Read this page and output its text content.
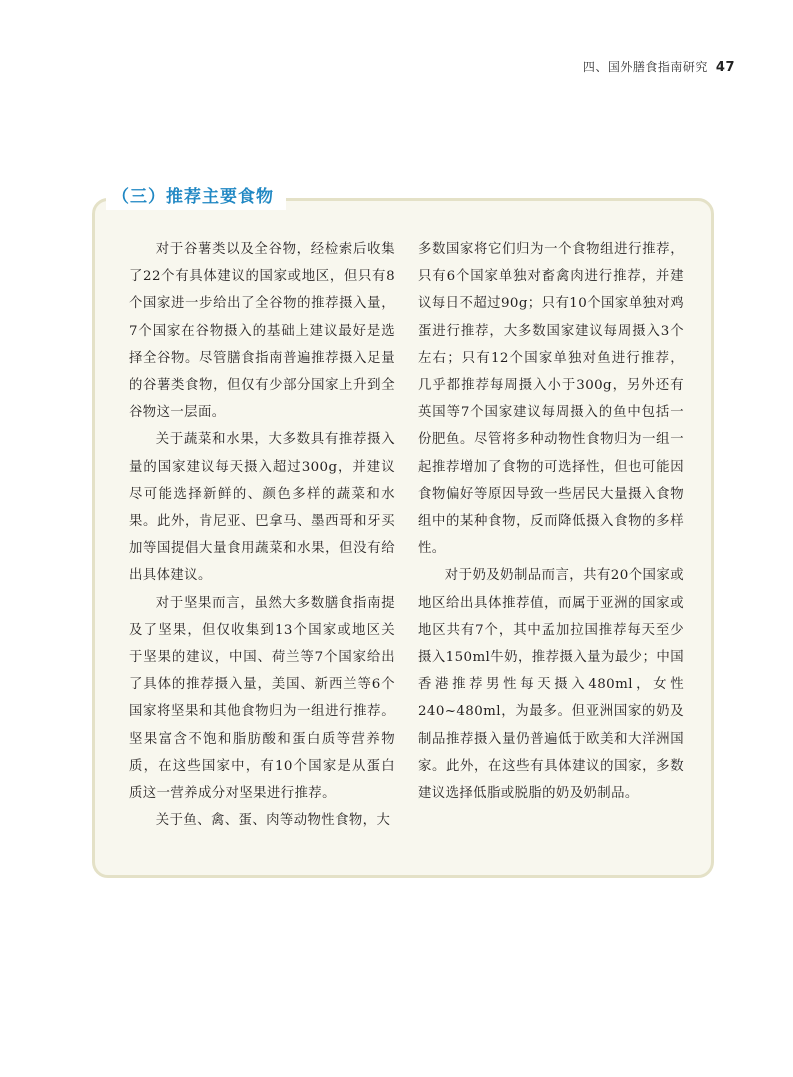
四、国外膳食指南研究 47
（三）推荐主要食物

对于谷薯类以及全谷物，经检索后收集了22个有具体建议的国家或地区，但只有8个国家进一步给出了全谷物的推荐摄入量，7个国家在谷物摄入的基础上建议最好是选择全谷物。尽管膳食指南普遍推荐摄入足量的谷薯类食物，但仅有少部分国家上升到全谷物这一层面。

关于蔬菜和水果，大多数具有推荐摄入量的国家建议每天摄入超过300g，并建议尽可能选择新鲜的、颜色多样的蔬菜和水果。此外，肯尼亚、巴拿马、墨西哥和牙买加等国提倡大量食用蔬菜和水果，但没有给出具体建议。

对于坚果而言，虽然大多数膳食指南提及了坚果，但仅收集到13个国家或地区关于坚果的建议，中国、荷兰等7个国家给出了具体的推荐摄入量，美国、新西兰等6个国家将坚果和其他食物归为一组进行推荐。坚果富含不饱和脂肪酸和蛋白质等营养物质，在这些国家中，有10个国家是从蛋白质这一营养成分对坚果进行推荐。

关于鱼、禽、蛋、肉等动物性食物，大

多数国家将它们归为一个食物组进行推荐，只有6个国家单独对畜禽肉进行推荐，并建议每日不超过90g；只有10个国家单独对鸡蛋进行推荐，大多数国家建议每周摄入3个左右；只有12个国家单独对鱼进行推荐，几乎都推荐每周摄入小于300g，另外还有英国等7个国家建议每周摄入的鱼中包括一份肥鱼。尽管将多种动物性食物归为一组一起推荐增加了食物的可选择性，但也可能因食物偏好等原因导致一些居民大量摄入食物组中的某种食物，反而降低摄入食物的多样性。

对于奶及奶制品而言，共有20个国家或地区给出具体推荐值，而属于亚洲的国家或地区共有7个，其中孟加拉国推荐每天至少摄入150ml牛奶，推荐摄入量为最少；中国香港推荐男性每天摄入480ml，女性240~480ml，为最多。但亚洲国家的奶及制品推荐摄入量仍普遍低于欧美和大洋洲国家。此外，在这些有具体建议的国家，多数建议选择低脂或脱脂的奶及奶制品。
